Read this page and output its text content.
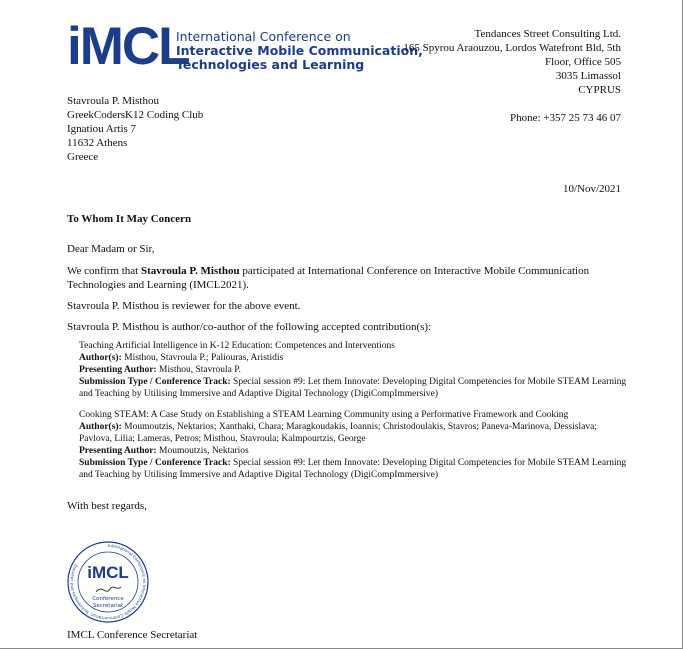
iMCL
International Conference on
Interactive Mobile Communication,
Technologies and Learning
Tendances Street Consulting Ltd.
165 Spyrou Araouzou, Lordos Watefront Bld, 5th
Floor, Office 505
3035 Limassol
CYPRUS
Phone: +357 25 73 46 07
Stavroula P. Misthou
GreekCodersK12 Coding Club
Ignatiou Artis 7
11632 Athens
Greece
10/Nov/2021

To Whom It May Concern

Dear Madam or Sir,

We confirm that Stavroula P. Misthou participated at International Conference on Interactive Mobile Communication Technologies and Learning (IMCL2021).

Stavroula P. Misthou is reviewer for the above event.

Stavroula P. Misthou is author/co-author of the following accepted contribution(s):

Teaching Artificial Intelligence in K-12 Education: Competences and Interventions
Author(s): Misthou, Stavroula P.; Paliouras, Aristidis
Presenting Author: Misthou, Stavroula P.
Submission Type / Conference Track: Special session #9: Let them Innovate: Developing Digital Competencies for Mobile STEAM Learning and Teaching by Utilising Immersive and Adaptive Digital Technology (DigiCompImmersive)
Cooking STEAM: A Case Study on Establishing a STEAM Learning Community using a Performative Framework and Cooking
Author(s): Moumoutzis, Nektarios; Xanthaki, Chara; Maragkoudakis, Ioannis; Christodoulakis, Stavros; Paneva-Marinova, Dessislava; Pavlova, Lilia; Lameras, Petros; Misthou, Stavroula; Kalmpourtzis, George
Presenting Author: Moumoutzis, Nektarios
Submission Type / Conference Track: Special session #9: Let them Innovate: Developing Digital Competencies for Mobile STEAM Learning and Teaching by Utilising Immersive and Adaptive Digital Technology (DigiCompImmersive)

With best regards,

International Conference on Interactive Mobile Communication, Technologies and Learning iMCL
Conference
Secretariat
IMCL Conference Secretariat
